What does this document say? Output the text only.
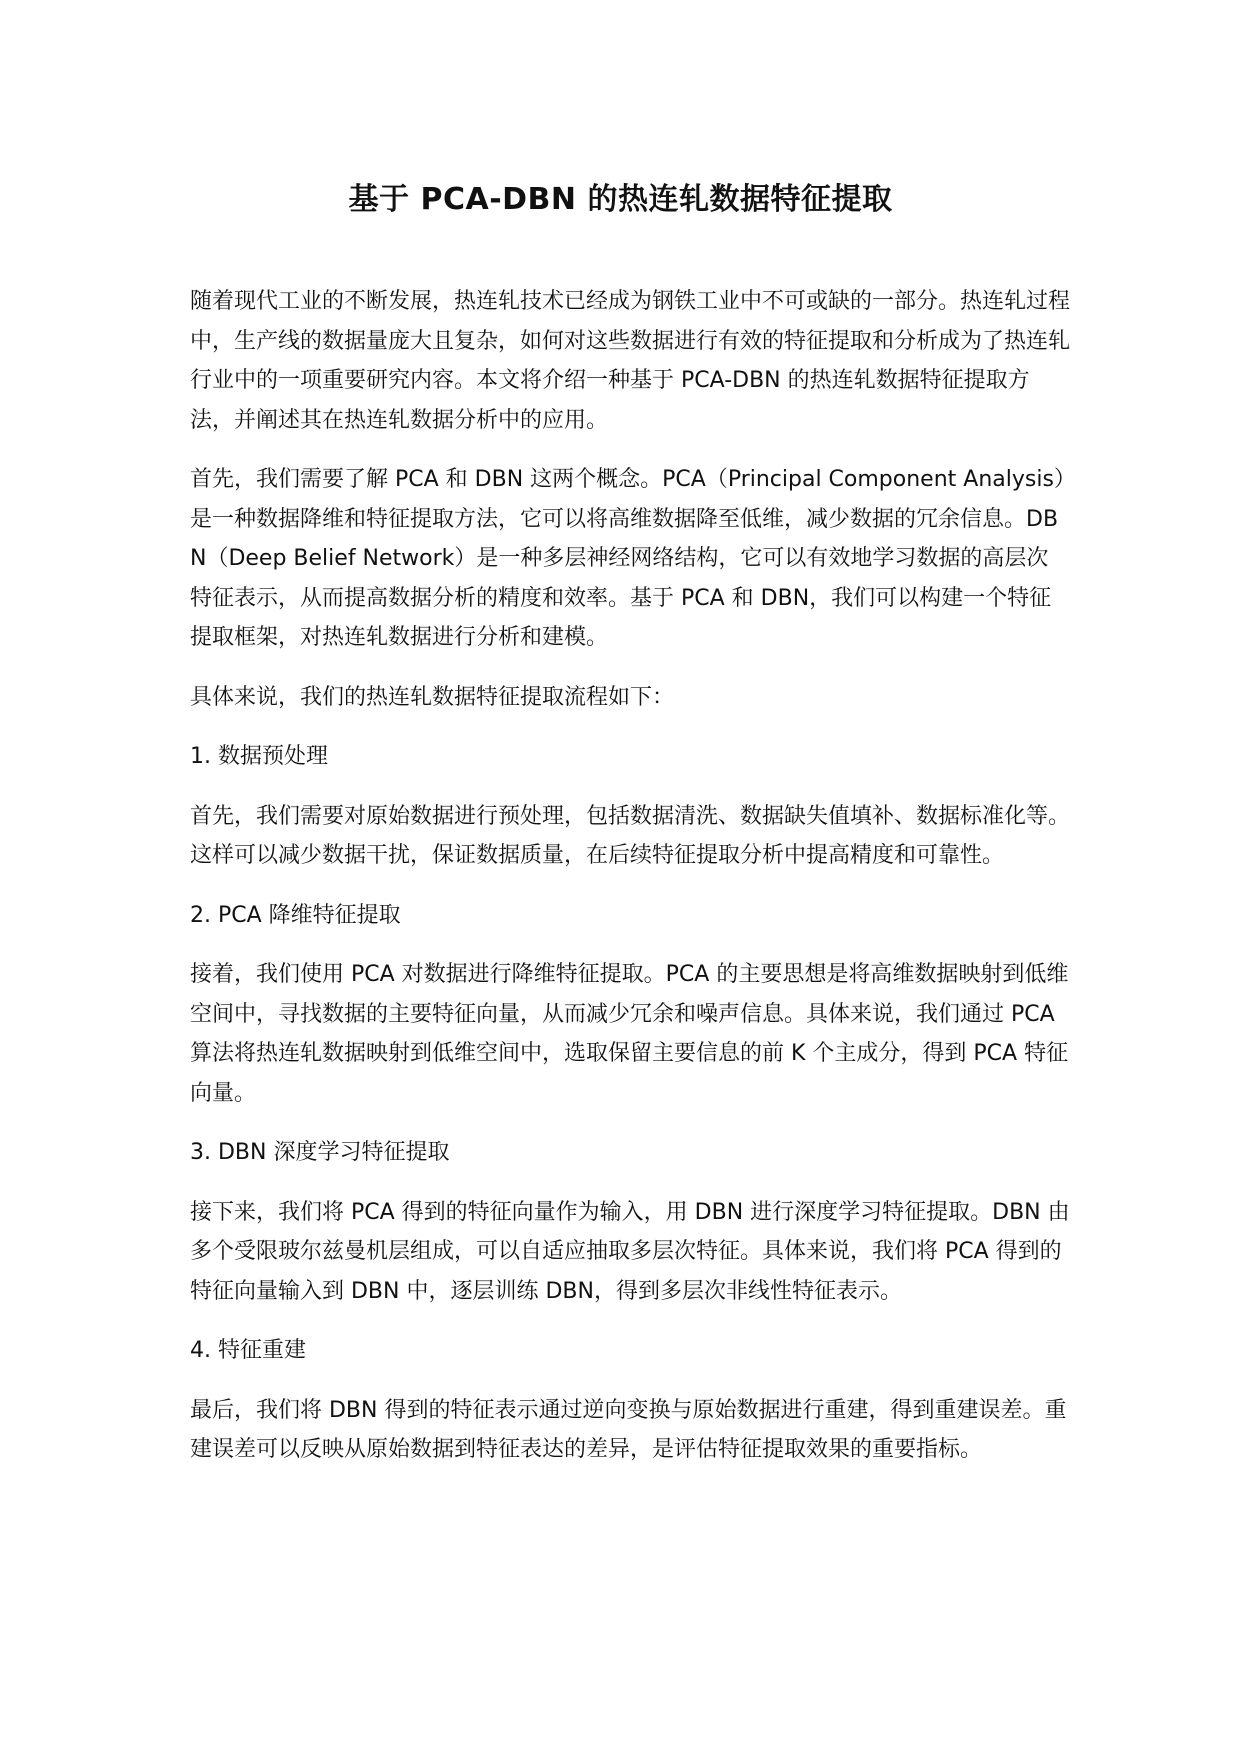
基于 PCA-DBN 的热连轧数据特征提取

随着现代工业的不断发展，热连轧技术已经成为钢铁工业中不可或缺的一部分。热连轧过程中，生产线的数据量庞大且复杂，如何对这些数据进行有效的特征提取和分析成为了热连轧行业中的一项重要研究内容。本文将介绍一种基于 PCA-DBN 的热连轧数据特征提取方法，并阐述其在热连轧数据分析中的应用。

首先，我们需要了解 PCA 和 DBN 这两个概念。PCA（Principal Component Analysis）是一种数据降维和特征提取方法，它可以将高维数据降至低维，减少数据的冗余信息。DBN（Deep Belief Network）是一种多层神经网络结构，它可以有效地学习数据的高层次特征表示，从而提高数据分析的精度和效率。基于 PCA 和 DBN，我们可以构建一个特征提取框架，对热连轧数据进行分析和建模。

具体来说，我们的热连轧数据特征提取流程如下：

1. 数据预处理

首先，我们需要对原始数据进行预处理，包括数据清洗、数据缺失值填补、数据标准化等。这样可以减少数据干扰，保证数据质量，在后续特征提取分析中提高精度和可靠性。

2. PCA 降维特征提取

接着，我们使用 PCA 对数据进行降维特征提取。PCA 的主要思想是将高维数据映射到低维空间中，寻找数据的主要特征向量，从而减少冗余和噪声信息。具体来说，我们通过 PCA 算法将热连轧数据映射到低维空间中，选取保留主要信息的前 K 个主成分，得到 PCA 特征向量。

3. DBN 深度学习特征提取

接下来，我们将 PCA 得到的特征向量作为输入，用 DBN 进行深度学习特征提取。DBN 由多个受限玻尔兹曼机层组成，可以自适应抽取多层次特征。具体来说，我们将 PCA 得到的特征向量输入到 DBN 中，逐层训练 DBN，得到多层次非线性特征表示。

4. 特征重建

最后，我们将 DBN 得到的特征表示通过逆向变换与原始数据进行重建，得到重建误差。重建误差可以反映从原始数据到特征表达的差异，是评估特征提取效果的重要指标。
